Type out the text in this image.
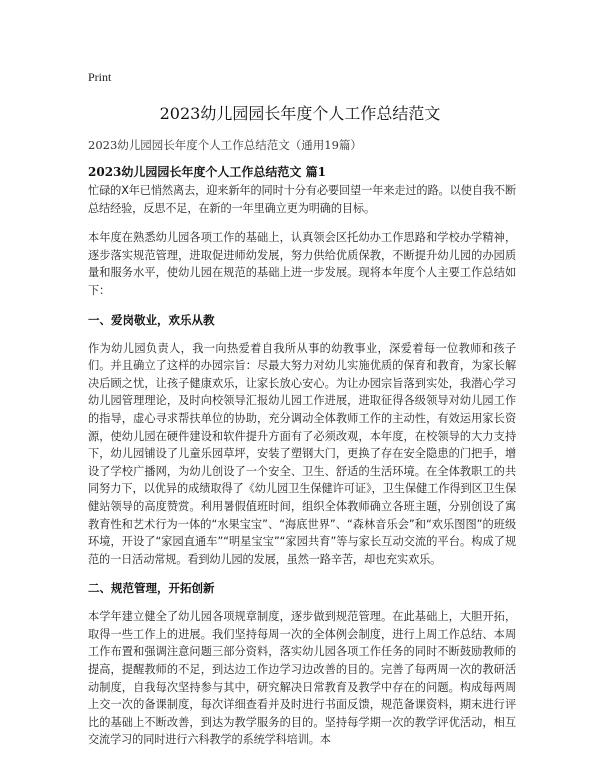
Print
2023幼儿园园长年度个人工作总结范文
2023幼儿园园长年度个人工作总结范文（通用19篇）
2023幼儿园园长年度个人工作总结范文 篇1

忙碌的X年已悄然离去，迎来新年的同时十分有必要回望一年来走过的路。以使自我不断总结经验，反思不足，在新的一年里确立更为明确的目标。

本年度在熟悉幼儿园各项工作的基础上，认真领会区托幼办工作思路和学校办学精神，逐步落实规范管理，进取促进师幼发展，努力供给优质保教，不断提升幼儿园的办园质量和服务水平，使幼儿园在规范的基础上进一步发展。现将本年度个人主要工作总结如下：

一、爱岗敬业，欢乐从教

作为幼儿园负责人，我一向热爱着自我所从事的幼教事业，深爱着每一位教师和孩子们。并且确立了这样的办园宗旨：尽最大努力对幼儿实施优质的保育和教育，为家长解决后顾之忧，让孩子健康欢乐，让家长放心安心。为让办园宗旨落到实处，我潜心学习幼儿园管理理论，及时向校领导汇报幼儿园工作进展，进取征得各级领导对幼儿园工作的指导，虚心寻求帮扶单位的协助，充分调动全体教师工作的主动性，有效运用家长资源，使幼儿园在硬件建设和软件提升方面有了必须改观，本年度，在校领导的大力支持下，幼儿园铺设了儿童乐园草坪，安装了塑钢大门，更换了存在安全隐患的门把手，增设了学校广播网，为幼儿创设了一个安全、卫生、舒适的生活环境。在全体教职工的共同努力下，以优异的成绩取得了《幼儿园卫生保健许可证》，卫生保健工作得到区卫生保健站领导的高度赞赏。利用暑假值班时间，组织全体教师确立各班主题，分别创设了寓教育性和艺术行为一体的“水果宝宝”、“海底世界”、“森林音乐会”和“欢乐图图”的班级环境，开设了“家园直通车”“明星宝宝”“家园共育”等与家长互动交流的平台。构成了规范的一日活动常规。看到幼儿园的发展，虽然一路辛苦，却也充实欢乐。

二、规范管理，开拓创新

本学年建立健全了幼儿园各项规章制度，逐步做到规范管理。在此基础上，大胆开拓，取得一些工作上的进展。我们坚持每周一次的全体例会制度，进行上周工作总结、本周工作布置和强调注意问题三部分资料，落实幼儿园各项工作任务的同时不断鼓励教师的提高，提醒教师的不足，到达边工作边学习边改善的目的。完善了每两周一次的教研活动制度，自我每次坚持参与其中，研究解决日常教育及教学中存在的问题。构成每两周上交一次的备课制度，每次详细查看并及时进行书面反馈，规范备课资料，期末进行评比的基础上不断改善，到达为教学服务的目的。坚持每学期一次的教学评优活动，相互交流学习的同时进行六科教学的系统学科培训。本
